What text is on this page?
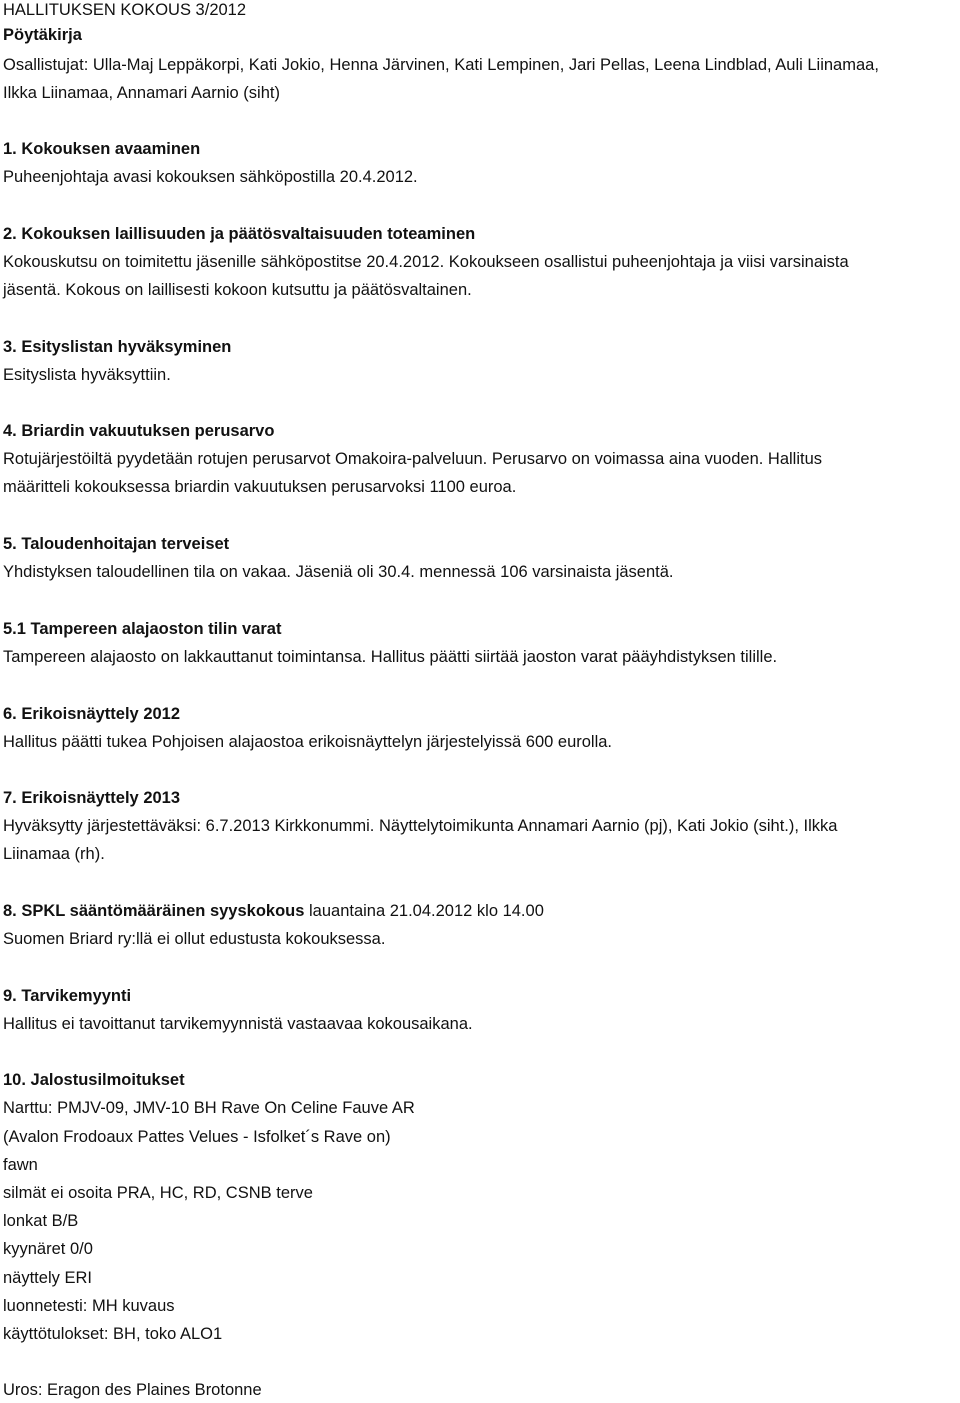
HALLITUKSEN KOKOUS 3/2012
Pöytäkirja
Osallistujat: Ulla-Maj Leppäkorpi, Kati Jokio, Henna Järvinen, Kati Lempinen, Jari Pellas, Leena Lindblad, Auli Liinamaa,
Ilkka Liinamaa, Annamari Aarnio (siht)
1. Kokouksen avaaminen
Puheenjohtaja avasi kokouksen sähköpostilla 20.4.2012.
2. Kokouksen laillisuuden ja päätösvaltaisuuden toteaminen
Kokouskutsu on toimitettu jäsenille sähköpostitse 20.4.2012. Kokoukseen osallistui puheenjohtaja ja viisi varsinaista
jäsentä. Kokous on laillisesti kokoon kutsuttu ja päätösvaltainen.
3. Esityslistan hyväksyminen
Esityslista hyväksyttiin.
4. Briardin vakuutuksen perusarvo
Rotujärjestöiltä pyydetään rotujen perusarvot Omakoira-palveluun. Perusarvo on voimassa aina vuoden. Hallitus
määritteli kokouksessa briardin vakuutuksen perusarvoksi 1100 euroa.
5. Taloudenhoitajan terveiset
Yhdistyksen taloudellinen tila on vakaa. Jäseniä oli 30.4. mennessä 106 varsinaista jäsentä.
5.1 Tampereen alajaoston tilin varat
Tampereen alajaosto on lakkauttanut toimintansa. Hallitus päätti siirtää jaoston varat pääyhdistyksen tilille.
6. Erikoisnäyttely 2012
Hallitus päätti tukea Pohjoisen alajaostoa erikoisnäyttelyn järjestelyissä 600 eurolla.
7. Erikoisnäyttely 2013
Hyväksytty järjestettäväksi: 6.7.2013 Kirkkonummi. Näyttelytoimikunta Annamari Aarnio (pj), Kati Jokio (siht.), Ilkka
Liinamaa (rh).
8. SPKL sääntömääräinen syyskokous lauantaina 21.04.2012 klo 14.00
Suomen Briard ry:llä ei ollut edustusta kokouksessa.
9. Tarvikemyynti
Hallitus ei tavoittanut tarvikemyynnistä vastaavaa kokousaikana.
10. Jalostusilmoitukset
Narttu: PMJV-09, JMV-10 BH Rave On Celine Fauve AR
(Avalon Frodoaux Pattes Velues - Isfolket´s Rave on)
fawn
silmät ei osoita PRA, HC, RD, CSNB terve
lonkat B/B
kyynäret 0/0
näyttely ERI
luonnetesti: MH kuvaus
käyttötulokset: BH, toko ALO1
Uros: Eragon des Plaines Brotonne
